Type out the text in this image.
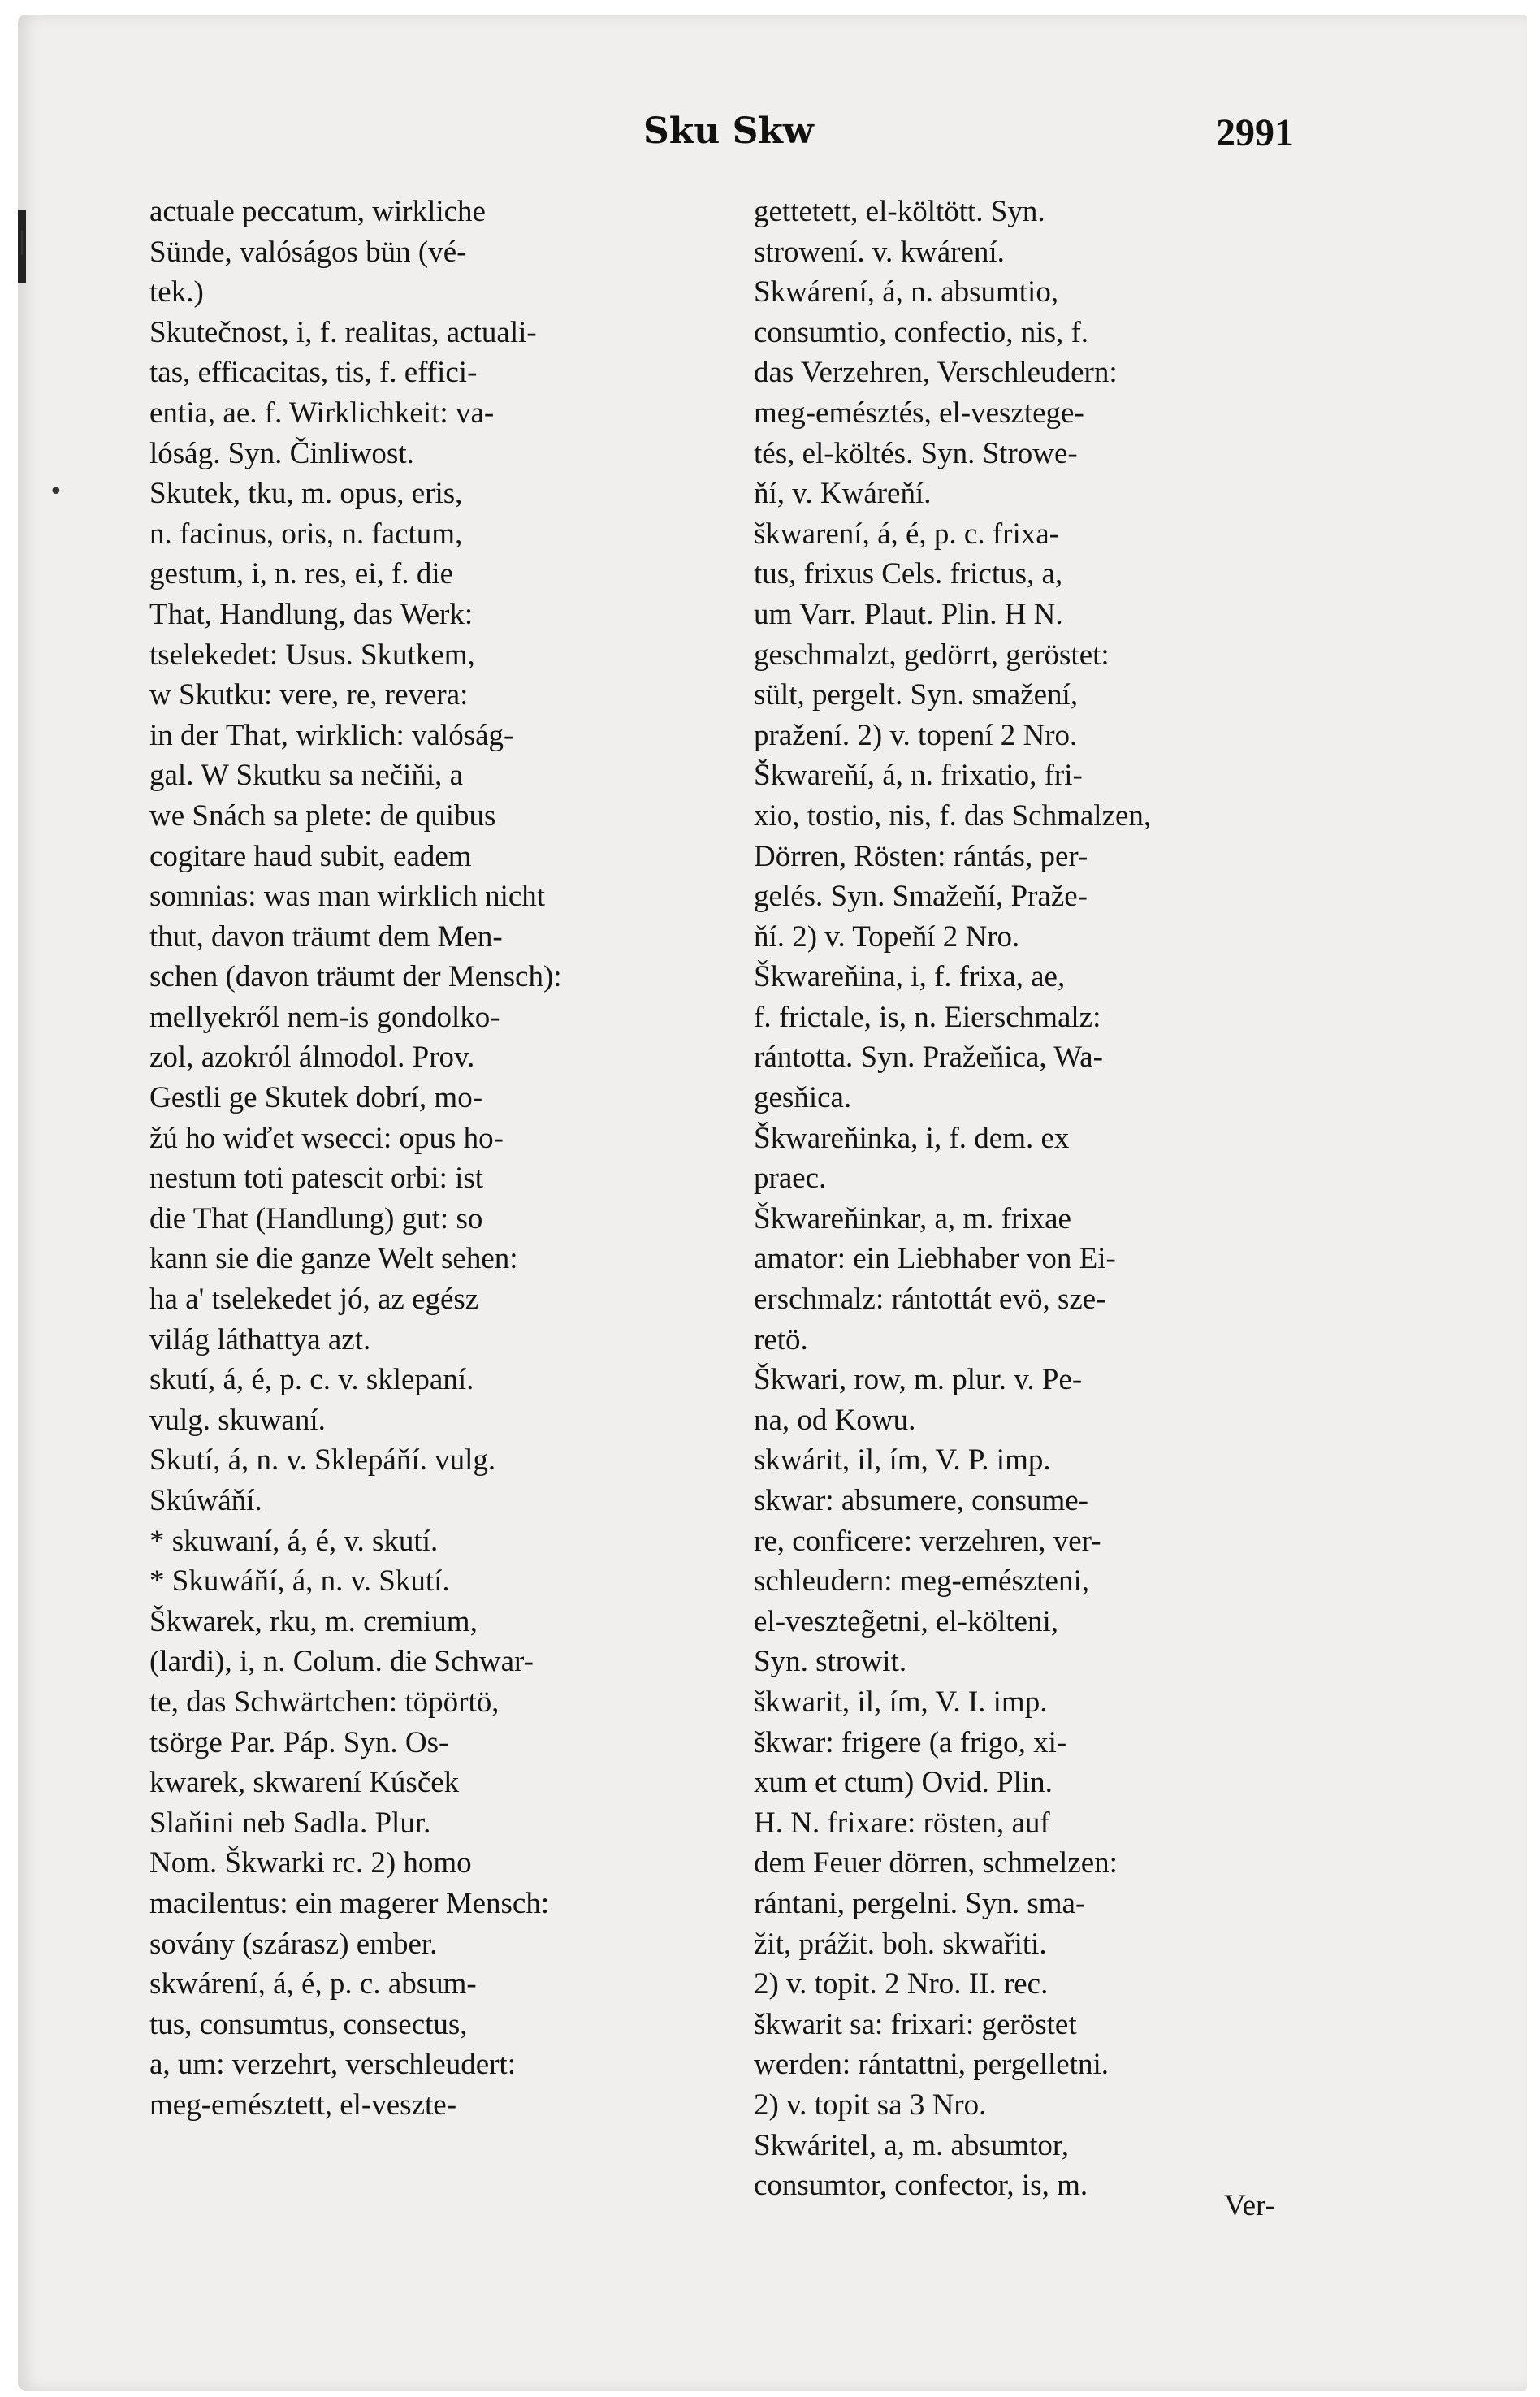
Sku Skw	2991
actuale peccatum, wirkliche
Sünde, valóságos bün (vé-
tek.)
Skutečnost, i, f. realitas, actuali-
tas, efficacitas, tis, f. effici-
entia, ae. f. Wirklichkeit: va-
lóság. Syn. Činliwost.
Skutek, tku, m. opus, eris,
n. facinus, oris, n. factum,
gestum, i, n. res, ei, f. die
That, Handlung, das Werk:
tselekedet: Usus. Skutkem,
w Skutku: vere, re, revera:
in der That, wirklich: valóság-
gal. W Skutku sa nečiňi, a
we Snách sa plete: de quibus
cogitare haud subit, eadem
somnias: was man wirklich nicht
thut, davon träumt dem Men-
schen (davon träumt der Mensch):
mellyekről nem-is gondolko-
zol, azokról álmodol. Prov.
Gestli ge Skutek dobrí, mo-
žú ho wiďet wsecci: opus ho-
nestum toti patescit orbi: ist
die That (Handlung) gut: so
kann sie die ganze Welt sehen:
ha a' tselekedet jó, az egész
világ láthattya azt.
skutí, á, é, p. c. v. sklepaní.
vulg. skuwaní.
Skutí, á, n. v. Sklepáňí. vulg.
Skúwáňí.
* skuwaní, á, é, v. skutí.
* Skuwáňí, á, n. v. Skutí.
Škwarek, rku, m. cremium,
(lardi), i, n. Colum. die Schwar-
te, das Schwärtchen: töpörtö,
tsörge Par. Páp. Syn. Os-
kwarek, skwarení Kúsček
Slaňini neb Sadla. Plur.
Nom. Škwarki rc. 2) homo
macilentus: ein magerer Mensch:
sovány (szárasz) ember.
skwárení, á, é, p. c. absum-
tus, consumtus, consectus,
a, um: verzehrt, verschleudert:
meg-emésztett, el-veszte-
gettetett, el-költött. Syn.
strowení. v. kwárení.
Skwárení, á, n. absumtio,
consumtio, confectio, nis, f.
das Verzehren, Verschleudern:
meg-emésztés, el-vesztege-
tés, el-költés. Syn. Strowe-
ňí, v. Kwáreňí.
škwarení, á, é, p. c. frixa-
tus, frixus Cels. frictus, a,
um Varr. Plaut. Plin. H N.
geschmalzt, gedörrt, geröstet:
sült, pergelt. Syn. smažení,
pražení. 2) v. topení 2 Nro.
Škwareňí, á, n. frixatio, fri-
xio, tostio, nis, f. das Schmalzen,
Dörren, Rösten: rántás, per-
gelés. Syn. Smažeňí, Praže-
ňí. 2) v. Topeňí 2 Nro.
Škwareňina, i, f. frixa, ae,
f. frictale, is, n. Eierschmalz:
rántotta. Syn. Pražeňica, Wa-
gesňica.
Škwareňinka, i, f. dem. ex
praec.
Škwareňinkar, a, m. frixae
amator: ein Liebhaber von Ei-
erschmalz: rántottát evö, sze-
retö.
Škwari, row, m. plur. v. Pe-
na, od Kowu.
skwárit, il, ím, V. P. imp.
skwar: absumere, consume-
re, conficere: verzehren, ver-
schleudern: meg-emészteni,
el-veszteg̃etni, el-költeni,
Syn. strowit.
škwarit, il, ím, V. I. imp.
škwar: frigere (a frigo, xi-
xum et ctum) Ovid. Plin.
H. N. frixare: rösten, auf
dem Feuer dörren, schmelzen:
rántani, pergelni. Syn. sma-
žit, prážit. boh. skwařiti.
2) v. topit. 2 Nro. II. rec.
škwarit sa: frixari: geröstet
werden: rántattni, pergelletni.
2) v. topit sa 3 Nro.
Skwáritel, a, m. absumtor,
consumtor, confector, is, m.
Ver-
|
•
